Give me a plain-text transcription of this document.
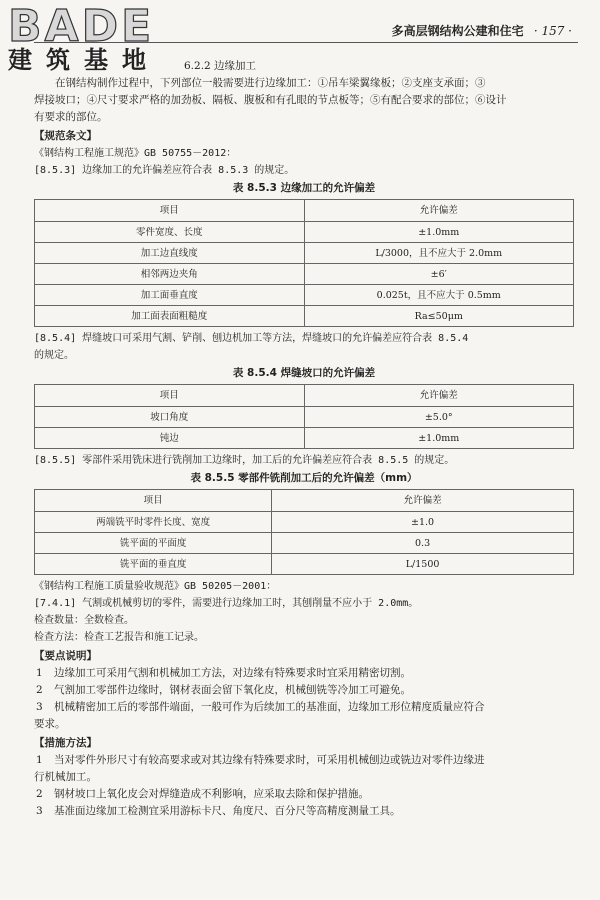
BADE
建筑基地
多高层钢结构公建和住宅 · 157 ·

6.2.2 边缘加工

在钢结构制作过程中，下列部位一般需要进行边缘加工：①吊车梁翼缘板；②支座支承面；③

焊接坡口；④尺寸要求严格的加劲板、隔板、腹板和有孔眼的节点板等；⑤有配合要求的部位；⑥设计

有要求的部位。

【规范条文】

《钢结构工程施工规范》GB 50755－2012：

[8.5.3] 边缘加工的允许偏差应符合表 8.5.3 的规定。

表 8.5.3 边缘加工的允许偏差
项目	允许偏差
零件宽度、长度	±1.0mm
加工边直线度	L/3000，且不应大于 2.0mm
相邻两边夹角	±6′
加工面垂直度	0.025t，且不应大于 0.5mm
加工面表面粗糙度	Ra≤50μm

[8.5.4] 焊缝坡口可采用气割、铲削、刨边机加工等方法，焊缝坡口的允许偏差应符合表 8.5.4

的规定。

表 8.5.4 焊缝坡口的允许偏差
项目	允许偏差
坡口角度	±5.0°
钝边	±1.0mm

[8.5.5] 零部件采用铣床进行铣削加工边缘时，加工后的允许偏差应符合表 8.5.5 的规定。

表 8.5.5 零部件铣削加工后的允许偏差（mm）
项目	允许偏差
两端铣平时零件长度、宽度	±1.0
铣平面的平面度	0.3
铣平面的垂直度	L/1500

《钢结构工程施工质量验收规范》GB 50205－2001：

[7.4.1] 气割或机械剪切的零件，需要进行边缘加工时，其刨削量不应小于 2.0mm。

检查数量：全数检查。

检查方法：检查工艺报告和施工记录。

【要点说明】

1 边缘加工可采用气割和机械加工方法，对边缘有特殊要求时宜采用精密切割。

2 气割加工零部件边缘时，钢材表面会留下氧化皮，机械刨铣等冷加工可避免。

3 机械精密加工后的零部件端面，一般可作为后续加工的基准面，边缘加工形位精度质量应符合

要求。

【措施方法】

1 当对零件外形尺寸有较高要求或对其边缘有特殊要求时，可采用机械刨边或铣边对零件边缘进

行机械加工。

2 钢材坡口上氧化皮会对焊缝造成不利影响，应采取去除和保护措施。

3 基准面边缘加工检测宜采用游标卡尺、角度尺、百分尺等高精度测量工具。
